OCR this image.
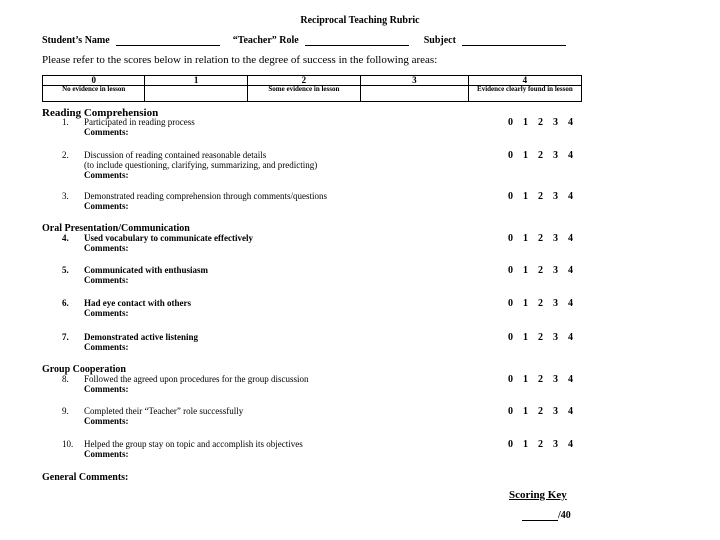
Reciprocal Teaching Rubric
Student’s Name	“Teacher” Role	Subject
Please refer to the scores below in relation to the degree of success in the following areas:
0	1	2	3	4
No evidence in lesson		Some evidence in lesson		Evidence clearly found in lesson
Reading Comprehension
1. Participated in reading process
Comments:
0 1 2 3 4
2. Discussion of reading contained reasonable details
(to include questioning, clarifying, summarizing, and predicting)
Comments:
0 1 2 3 4
3. Demonstrated reading comprehension through comments/questions
Comments:
0 1 2 3 4
Oral Presentation/Communication
4. Used vocabulary to communicate effectively
Comments:
0 1 2 3 4
5. Communicated with enthusiasm
Comments:
0 1 2 3 4
6. Had eye contact with others
Comments:
0 1 2 3 4
7. Demonstrated active listening
Comments:
0 1 2 3 4
Group Cooperation
8. Followed the agreed upon procedures for the group discussion
Comments:
0 1 2 3 4
9. Completed their “Teacher” role successfully
Comments:
0 1 2 3 4
10. Helped the group stay on topic and accomplish its objectives
Comments:
0 1 2 3 4
General Comments:
Scoring Key
/40
